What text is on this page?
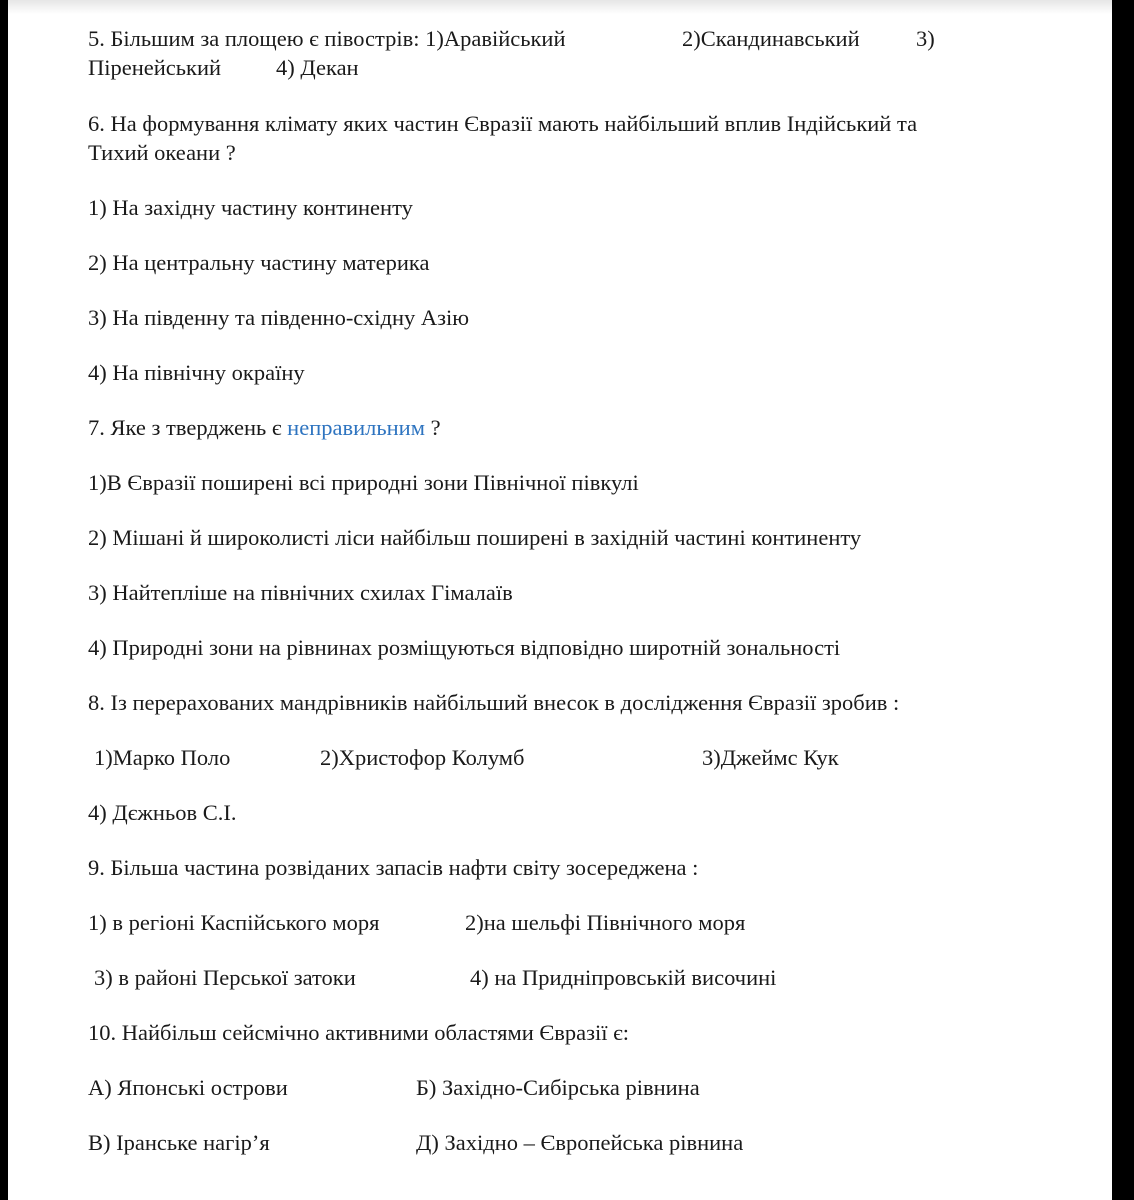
5. Більшим за площею є півострів: 1)Аравійський	2)Скандинавський	3)
Піренейський 4) Декан
6. На формування клімату яких частин Євразії мають найбільший вплив Індійський та
Тихий океани ?
1) На західну частину континенту
2) На центральну частину материка
3) На південну та південно-східну Азію
4) На північну окраїну
7. Яке з тверджень є неправильним ?
1)В Євразії поширені всі природні зони Північної півкулі
2) Мішані й широколисті ліси найбільш поширені в західній частині континенту
3) Найтепліше на північних схилах Гімалаїв
4) Природні зони на рівнинах розміщуються відповідно широтній зональності
8. Із перерахованих мандрівників найбільший внесок в дослідження Євразії зробив :
1)Марко Поло	2)Христофор Колумб	3)Джеймс Кук
4) Дєжньов С.І.
9. Більша частина розвіданих запасів нафти світу зосереджена :
1) в регіоні Каспійського моря	2)на шельфі Північного моря
3) в районі Перської затоки	4) на Придніпровській височині
10. Найбільш сейсмічно активними областями Євразії є:
А) Японські острови	Б) Західно-Сибірська рівнина
В) Іранське нагір’я	Д) Західно – Європейська рівнина
